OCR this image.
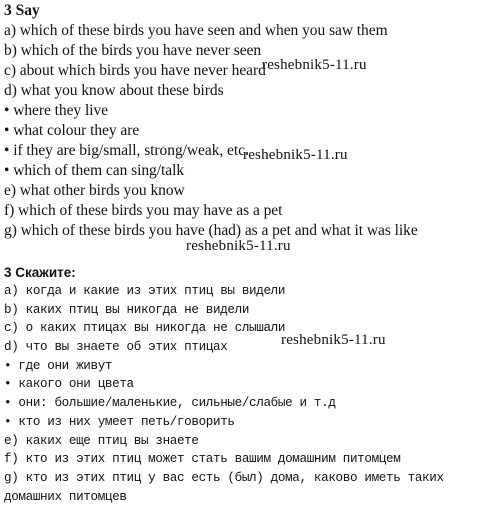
3 Say
a) which of these birds you have seen and when you saw them
b) which of the birds you have never seen
c) about which birds you have never heard
d) what you know about these birds
• where they live
• what colour they are
• if they are big/small, strong/weak, etc.
• which of them can sing/talk
e) what other birds you know
f) which of these birds you may have as a pet
g) which of these birds you have (had) as a pet and what it was like
3 Скажите:
а) когда и какие из этих птиц вы видели
b) каких птиц вы никогда не видели
c) о каких птицах вы никогда не слышали
d) что вы знаете об этих птицах
• где они живут
• какого они цвета
• они: большие/маленькие, сильные/слабые и т.д
• кто из них умеет петь/говорить
e) каких еще птиц вы знаете
f) кто из этих птиц может стать вашим домашним питомцем
g) кто из этих птиц у вас есть (был) дома, каково иметь таких домашних питомцев
reshebnik5-11.ru
reshebnik5-11.ru
reshebnik5-11.ru
reshebnik5-11.ru
